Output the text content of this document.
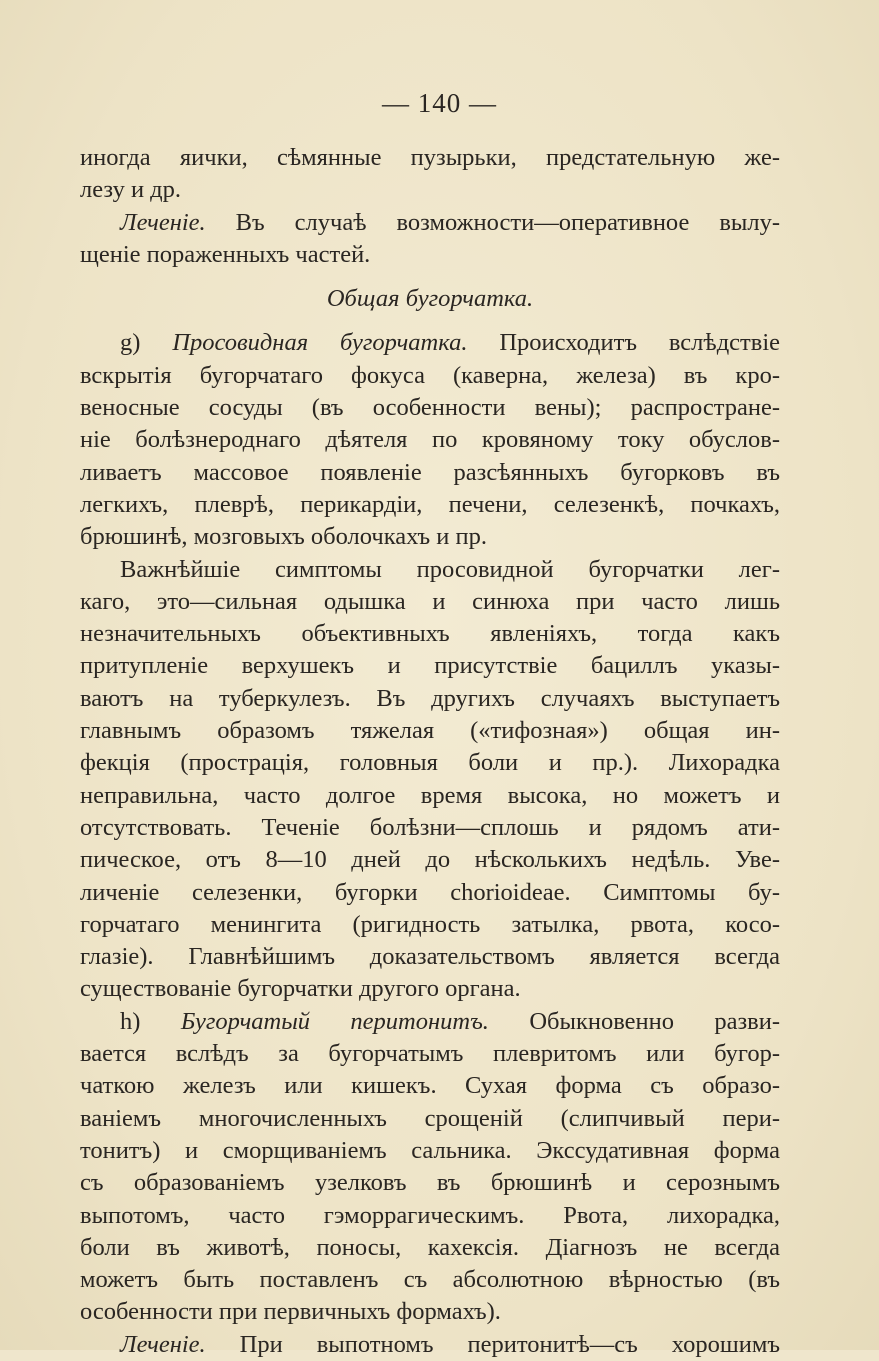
— 140 —
иногда яички, сѣмянные пузырьки, предстательную же-
лезу и др.
Леченіе. Въ случаѣ возможности—оперативное вылу-
щеніе пораженныхъ частей.
Общая бугорчатка.
g) Просовидная бугорчатка. Происходитъ вслѣдствіе
вскрытія бугорчатаго фокуса (каверна, железа) въ кро-
веносные сосуды (въ особенности вены); распростране-
ніе болѣзнероднаго дѣятеля по кровяному току обуслов-
ливаетъ массовое появленіе разсѣянныхъ бугорковъ въ
легкихъ, плеврѣ, перикардіи, печени, селезенкѣ, почкахъ,
брюшинѣ, мозговыхъ оболочкахъ и пр.
Важнѣйшіе симптомы просовидной бугорчатки лег-
каго, это—сильная одышка и синюха при часто лишь
незначительныхъ объективныхъ явленіяхъ, тогда какъ
притупленіе верхушекъ и присутствіе бациллъ указы-
ваютъ на туберкулезъ. Въ другихъ случаяхъ выступаетъ
главнымъ образомъ тяжелая («тифозная») общая ин-
фекція (прострація, головныя боли и пр.). Лихорадка
неправильна, часто долгое время высока, но можетъ и
отсутствовать. Теченіе болѣзни—сплошь и рядомъ ати-
пическое, отъ 8—10 дней до нѣсколькихъ недѣль. Уве-
личеніе селезенки, бугорки chorioideae. Симптомы бу-
горчатаго менингита (ригидность затылка, рвота, косо-
глазіе). Главнѣйшимъ доказательствомъ является всегда
существованіе бугорчатки другого органа.
h) Бугорчатый перитонитъ. Обыкновенно разви-
вается вслѣдъ за бугорчатымъ плевритомъ или бугор-
чаткою железъ или кишекъ. Сухая форма съ образо-
ваніемъ многочисленныхъ срощеній (слипчивый пери-
тонитъ) и сморщиваніемъ сальника. Экссудативная форма
съ образованіемъ узелковъ въ брюшинѣ и серознымъ
выпотомъ, часто гэморрагическимъ. Рвота, лихорадка,
боли въ животѣ, поносы, кахексія. Діагнозъ не всегда
можетъ быть поставленъ съ абсолютною вѣрностью (въ
особенности при первичныхъ формахъ).
Леченіе. При выпотномъ перитонитѣ—съ хорошимъ
